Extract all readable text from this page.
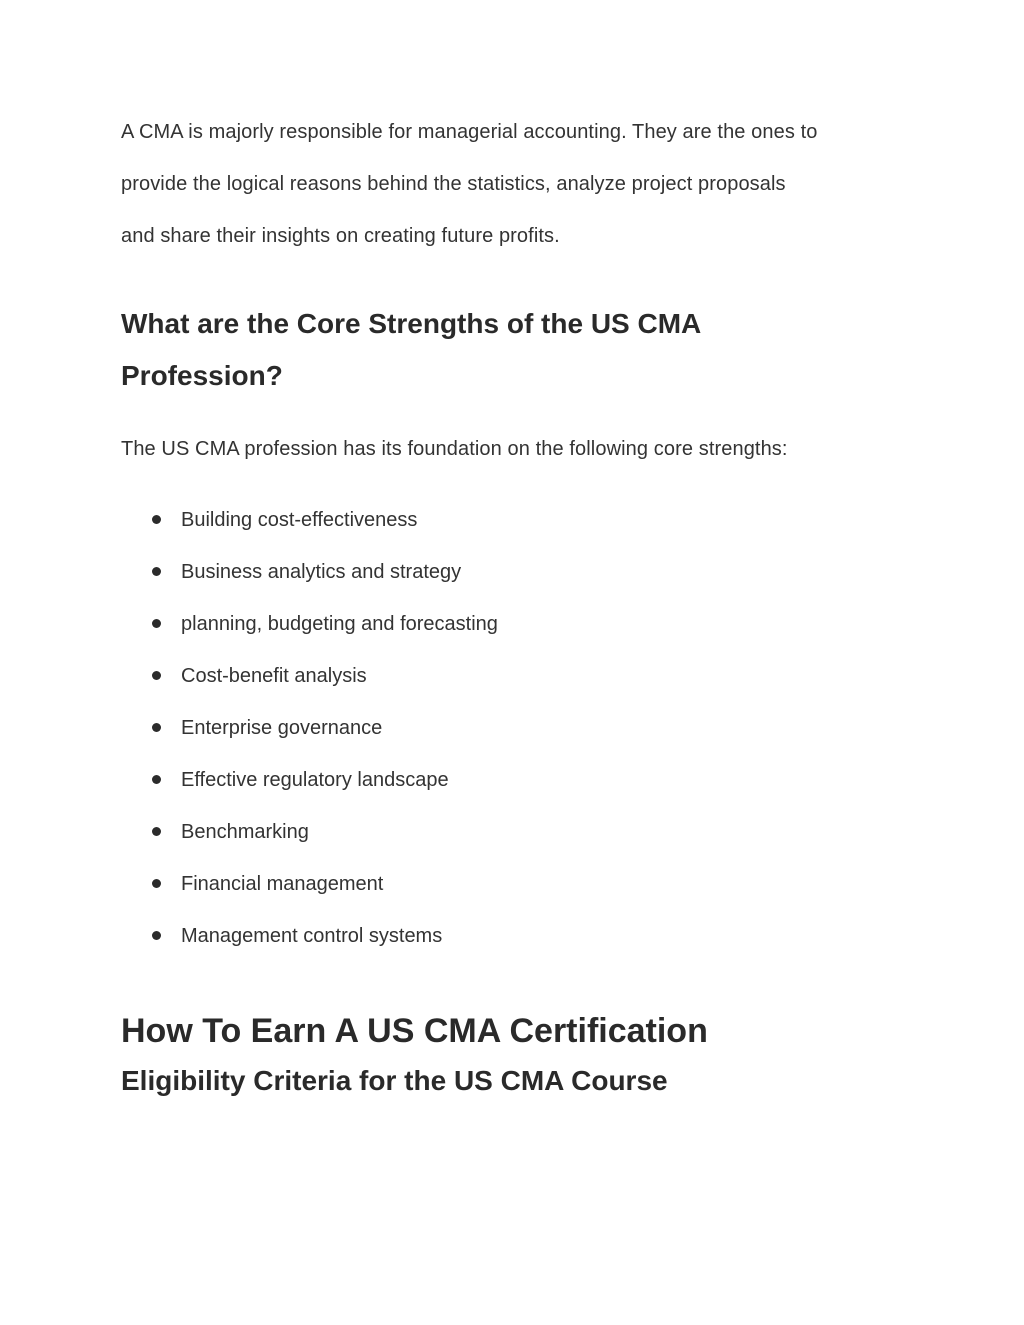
A CMA is majorly responsible for managerial accounting. They are the ones to
provide the logical reasons behind the statistics, analyze project proposals
and share their insights on creating future profits.

What are the Core Strengths of the US CMA
Profession?

The US CMA profession has its foundation on the following core strengths:

Building cost-effectiveness
Business analytics and strategy
planning, budgeting and forecasting
Cost-benefit analysis
Enterprise governance
Effective regulatory landscape
Benchmarking
Financial management
Management control systems
How To Earn A US CMA Certification
Eligibility Criteria for the US CMA Course
